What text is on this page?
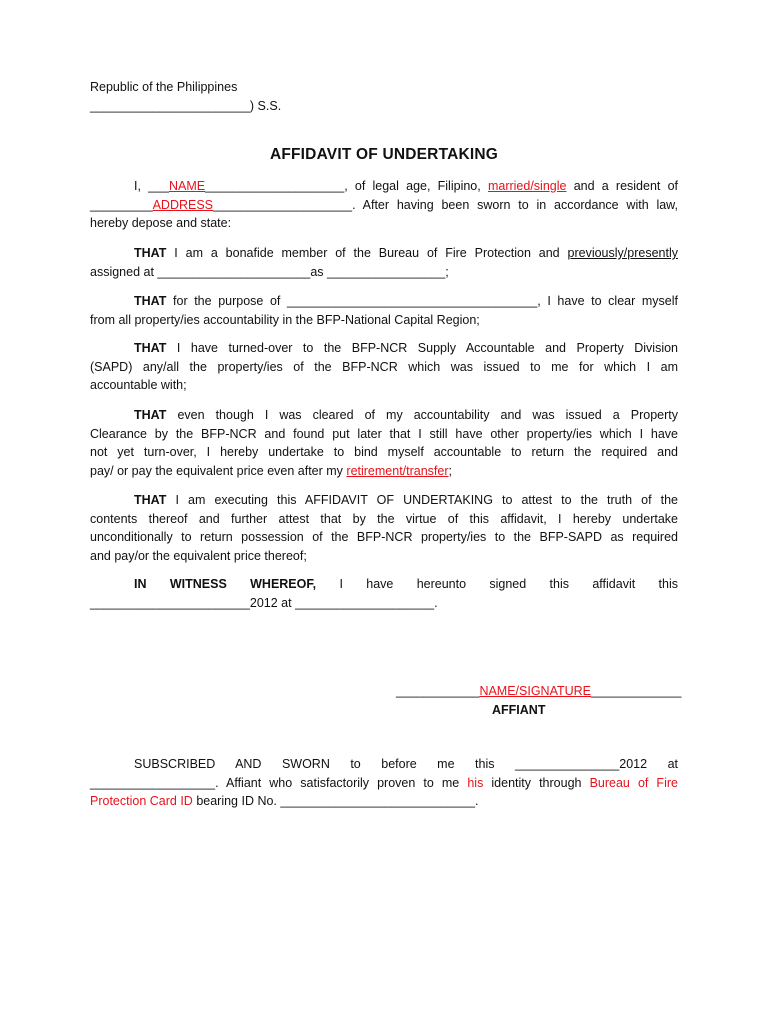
Republic of the Philippines
_______________________) S.S.
AFFIDAVIT OF UNDERTAKING
I, ___NAME____________________, of legal age, Filipino, married/single and a resident of
_________ADDRESS____________________. After having been sworn to in accordance with law,
hereby depose and state:
THAT I am a bonafide member of the Bureau of Fire Protection and previously/presently
assigned at ______________________as _________________;
THAT for the purpose of ____________________________________, I have to clear myself
from all property/ies accountability in the BFP-National Capital Region;
THAT I have turned-over to the BFP-NCR Supply Accountable and Property Division
(SAPD) any/all the property/ies of the BFP-NCR which was issued to me for which I am
accountable with;
THAT even though I was cleared of my accountability and was issued a Property
Clearance by the BFP-NCR and found put later that I still have other property/ies which I have
not yet turn-over, I hereby undertake to bind myself accountable to return the required and
pay/ or pay the equivalent price even after my retirement/transfer;
THAT I am executing this AFFIDAVIT OF UNDERTAKING to attest to the truth of the
contents thereof and further attest that by the virtue of this affidavit, I hereby undertake
unconditionally to return possession of the BFP-NCR property/ies to the BFP-SAPD as required
and pay/or the equivalent price thereof;
IN WITNESS WHEREOF, I have hereunto signed this affidavit this
_______________________2012 at ____________________.
____________NAME/SIGNATURE_____________
AFFIANT
SUBSCRIBED AND SWORN to before me this _______________2012 at
__________________. Affiant who satisfactorily proven to me his identity through Bureau of Fire
Protection Card ID bearing ID No. ____________________________.
